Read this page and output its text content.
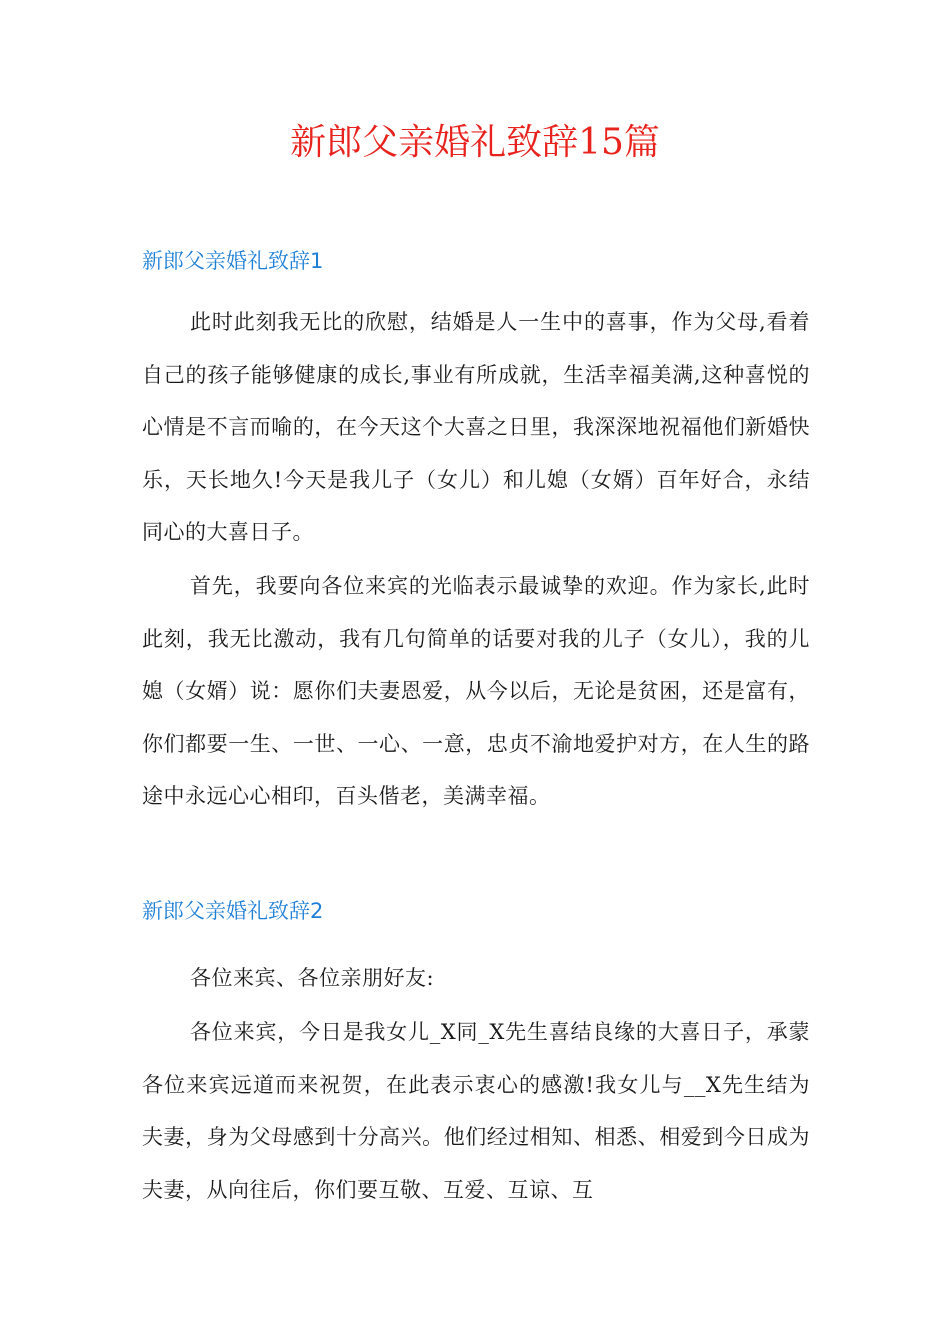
新郎父亲婚礼致辞15篇
新郎父亲婚礼致辞1

此时此刻我无比的欣慰，结婚是人一生中的喜事，作为父母,看着自己的孩子能够健康的成长,事业有所成就，生活幸福美满,这种喜悦的心情是不言而喻的，在今天这个大喜之日里，我深深地祝福他们新婚快乐，天长地久!今天是我儿子（女儿）和儿媳（女婿）百年好合，永结同心的大喜日子。

首先，我要向各位来宾的光临表示最诚挚的欢迎。作为家长,此时此刻，我无比激动，我有几句简单的话要对我的儿子（女儿），我的儿媳（女婿）说：愿你们夫妻恩爱，从今以后，无论是贫困，还是富有，你们都要一生、一世、一心、一意，忠贞不渝地爱护对方，在人生的路途中永远心心相印，百头偕老，美满幸福。

新郎父亲婚礼致辞2

各位来宾、各位亲朋好友:

各位来宾，今日是我女儿_X同_X先生喜结良缘的大喜日子，承蒙各位来宾远道而来祝贺，在此表示衷心的感激!我女儿与__X先生结为夫妻，身为父母感到十分高兴。他们经过相知、相悉、相爱到今日成为夫妻，从向往后，你们要互敬、互爱、互谅、互
